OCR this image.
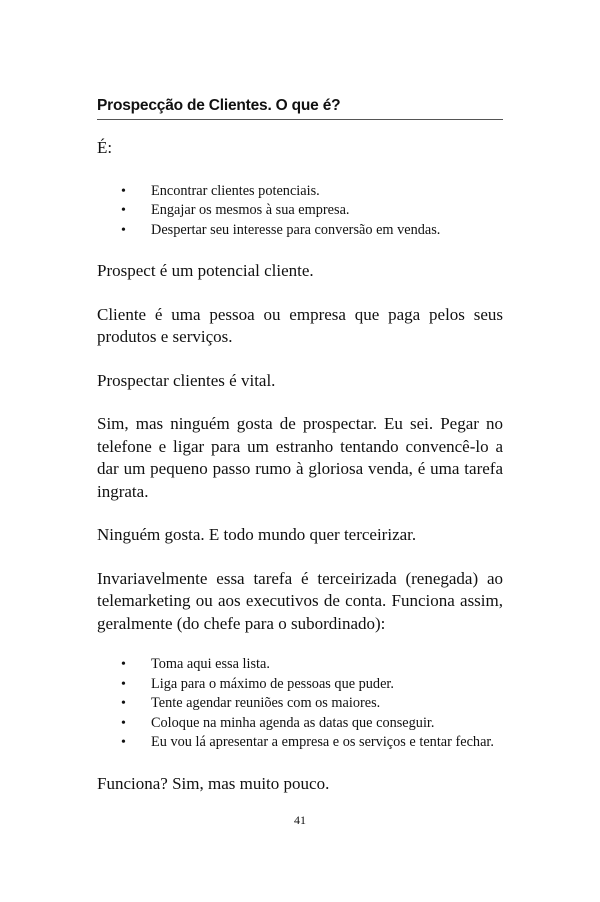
Prospecção de Clientes. O que é?

É:

• Encontrar clientes potenciais.
• Engajar os mesmos à sua empresa.
• Despertar seu interesse para conversão em vendas.

Prospect é um potencial cliente.

Cliente é uma pessoa ou empresa que paga pelos seus produtos e serviços.

Prospectar clientes é vital.

Sim, mas ninguém gosta de prospectar. Eu sei. Pegar no telefone e ligar para um estranho tentando convencê-lo a dar um pequeno passo rumo à gloriosa venda, é uma tarefa ingrata.

Ninguém gosta. E todo mundo quer terceirizar.

Invariavelmente essa tarefa é terceirizada (renegada) ao telemarketing ou aos executivos de conta. Funciona assim, geralmente (do chefe para o subordinado):

• Toma aqui essa lista.
• Liga para o máximo de pessoas que puder.
• Tente agendar reuniões com os maiores.
• Coloque na minha agenda as datas que conseguir.
• Eu vou lá apresentar a empresa e os serviços e tentar fechar.

Funciona? Sim, mas muito pouco.

41
